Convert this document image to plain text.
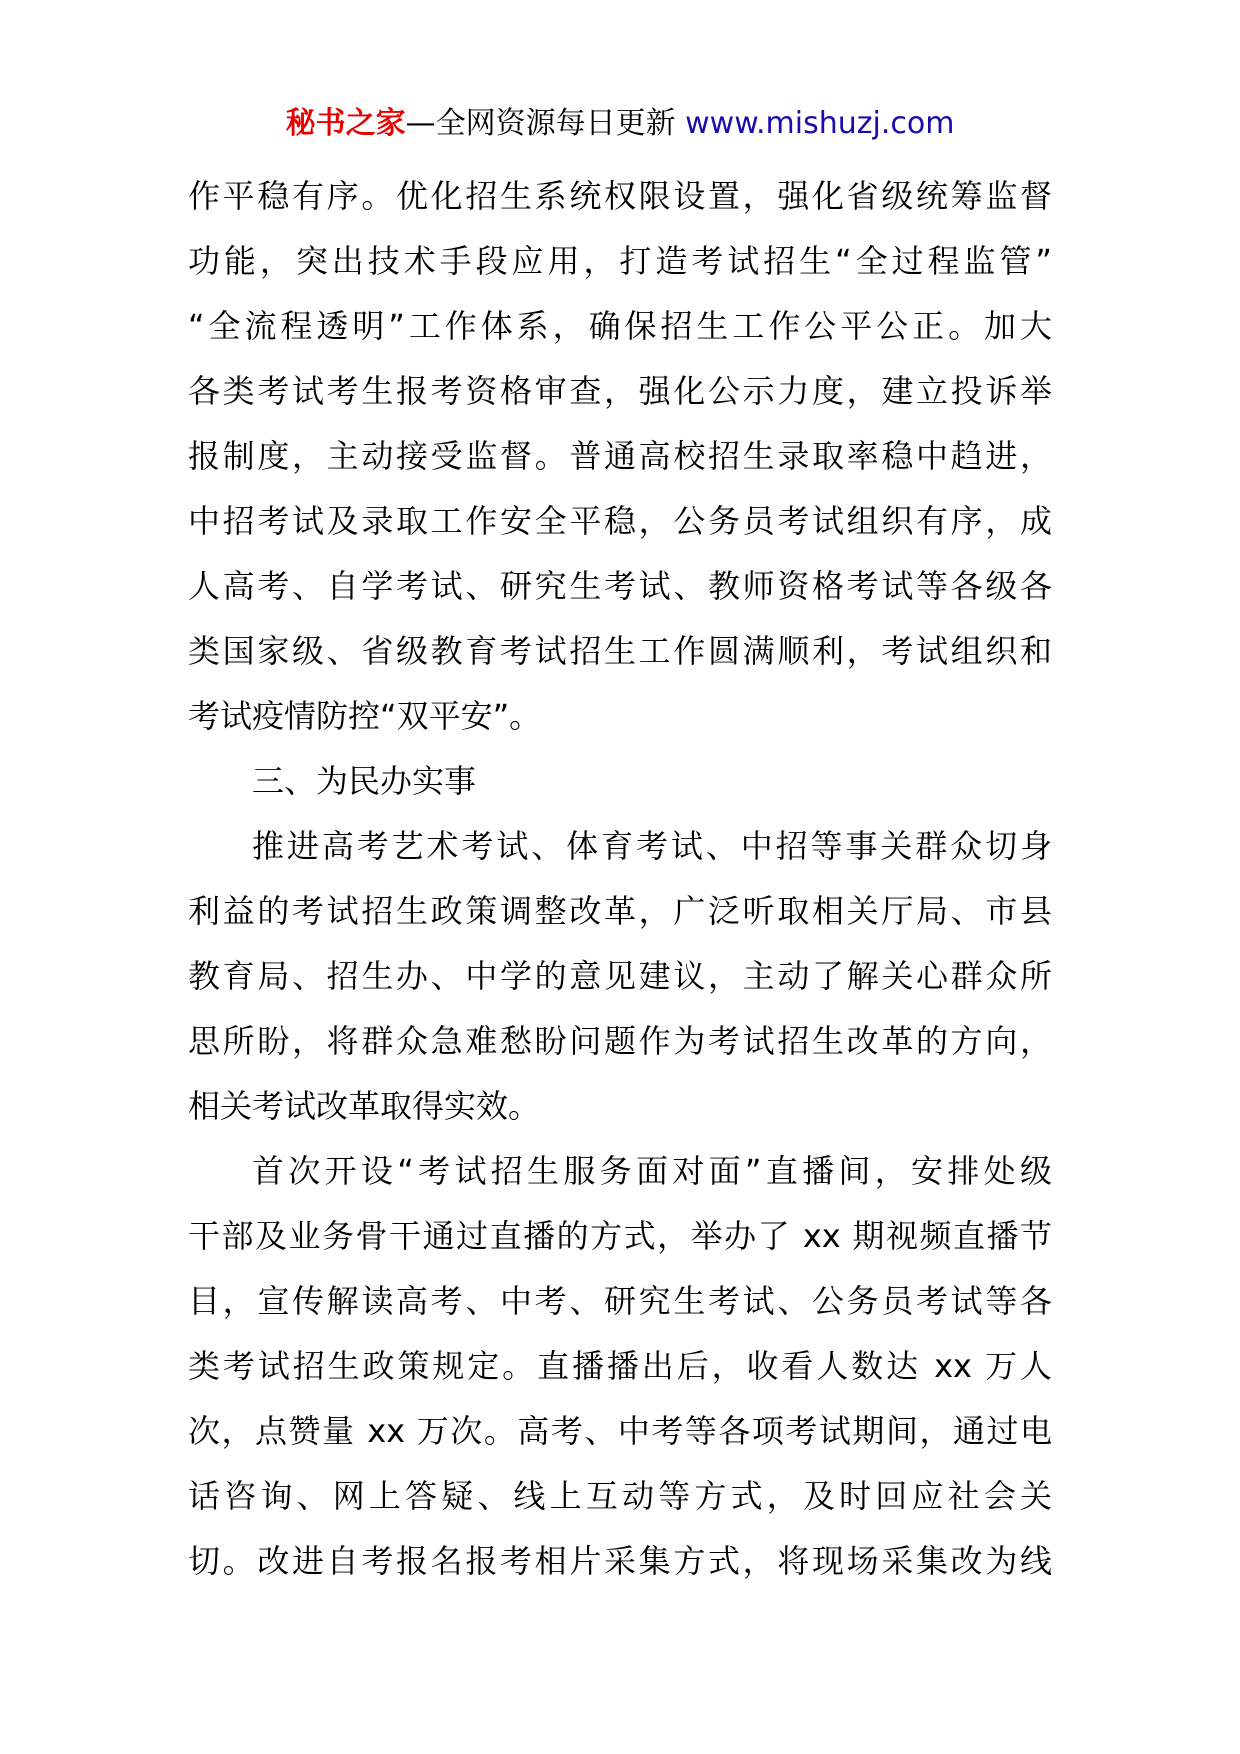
秘书之家—全网资源每日更新 www.mishuzj.com
作平稳有序。优化招生系统权限设置，强化省级统筹监督
功能，突出技术手段应用，打造考试招生“全过程监管”
“全流程透明”工作体系，确保招生工作公平公正。加大
各类考试考生报考资格审查，强化公示力度，建立投诉举
报制度，主动接受监督。普通高校招生录取率稳中趋进，
中招考试及录取工作安全平稳，公务员考试组织有序，成
人高考、自学考试、研究生考试、教师资格考试等各级各
类国家级、省级教育考试招生工作圆满顺利，考试组织和
考试疫情防控“双平安”。
三、为民办实事
推进高考艺术考试、体育考试、中招等事关群众切身
利益的考试招生政策调整改革，广泛听取相关厅局、市县
教育局、招生办、中学的意见建议，主动了解关心群众所
思所盼，将群众急难愁盼问题作为考试招生改革的方向，
相关考试改革取得实效。
首次开设“考试招生服务面对面”直播间，安排处级
干部及业务骨干通过直播的方式，举办了 xx 期视频直播节
目，宣传解读高考、中考、研究生考试、公务员考试等各
类考试招生政策规定。直播播出后，收看人数达 xx 万人
次，点赞量 xx 万次。高考、中考等各项考试期间，通过电
话咨询、网上答疑、线上互动等方式，及时回应社会关
切。改进自考报名报考相片采集方式，将现场采集改为线
